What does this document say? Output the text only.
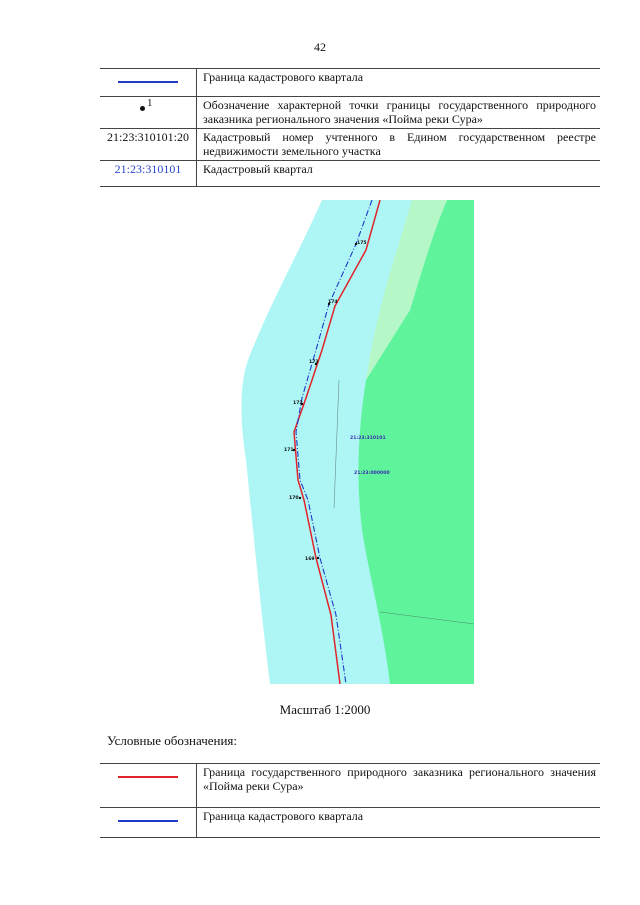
42
	Граница кадастрового квартала

1	Обозначение характерной точки границы государственного природного заказника регионального значения «Пойма реки Сура»
21:23:310101:20	Кадастровый номер учтенного в Едином государственном реестре недвижимости земельного участка
21:23:310101	Кадастровый квартал
175
174
173
172
171
170
169
21:23:310101
21:23:000000
Масштаб 1:2000
Условные обозначения:
	Граница государственного природного заказника регионального значения «Пойма реки Сура»
	Граница кадастрового квартала
